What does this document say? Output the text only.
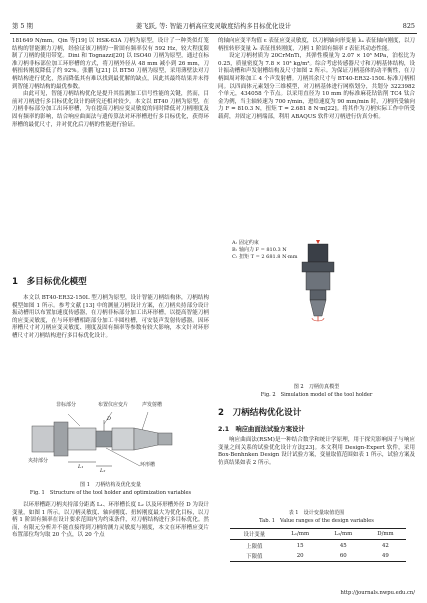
第 5 期	姜飞跃, 等: 智能刀柄高应变灵敏度结构多目标优化设计	825

181649 N/mm。Qin 等[19] 以 HSK-63A 刀柄为原型，设计了一种类似灯笼结构的智能测力刀柄，经验证该刀柄的一阶固有频率仅有 592 Hz，较大程度限制了刀柄的使用带宽。Dini 和 Tognazzi[20] 以 ISO40 刀柄为原型，通过在标准刀柄非标部位加工环形槽的方式，将刀柄外径从 48 mm 减小到 26 mm，刀柄扭转刚度降低了约 92%。张鹏飞[21] 以 BT50 刀柄为原型，采用薄壁法对刀柄结构进行优化，然而降低其有难以找到最优解的缺点，因此其最终结果并未得到智能刀柄结构的最优参数。

由此可见，智能刀柄结构优化是提升其监测加工信号性能的关键，然而，目前对刀柄进行多目标优化设计的研究还相对较少。本文以 BT40 刀柄为原型，在刀柄非标部分加工出环形槽，为在提高刀柄应变灵敏度的同时降低对刀柄刚度及固有频率的影响，结合响应曲面法与遗传算法对环形槽进行多目标优化，获得环形槽的最优尺寸，并对优化后刀柄的性能进行验证。

1　多目标优化模型

本文以 BT40-ER32-150L 型刀柄为原型，设计智能刀柄结构体，刀柄结构模型如图 1 所示。参考文献 [13] 中的测量刀柄设计方案，在刀柄夹持部分设计振动槽用以布置加速度传感器，在刀柄非标部分加工出环形槽，以提高智能刀柄的应变灵敏度，在与环形槽相距部分加工丰圆柱槽，可安装声发射传感器。因环形槽尺寸对刀柄应变灵敏度、刚度及固有频率等参数有较大影响，本文针对环形槽尺寸对刀柄结构进行多目标优化设计。

非标部分	布置仪应变片	声发射槽
D
L₁
L₂
环形槽
夹持部分
图 1　刀柄结构及优化变量
Fig. 1　Structure of the tool holder and optimization variables

以环形槽距刀柄夹持部分距离 L₁、环形槽长度 L₂ 以及环形槽外径 D 为设计变量，如图 1 所示。以刀柄灵敏度、轴向刚度、扭转刚度最大为优化目标，以刀柄 1 阶固有频率在设计要求范围内为约束条件，对刀柄结构进行多目标优化。然而，有限元分析并不能直接得到刀柄的测力灵敏度与刚度，本文在环形槽应变片布置部位均匀取 20 个点，以 20 个点

的轴向应变平均值 ε 表征应变灵敏度，以刀柄轴向形变量 λₐ 表征轴向刚度，以刀柄扭转形变量 λₜ 表征扭转刚度，刀柄 1 阶固有频率 f 表征其动态性能。

设定刀柄材质为 20CrMnTi，其弹性模量为 2.07 × 10⁵ MPa，泊松比为 0.25，质量密度为 7.8 × 10³ kg/m³。综合考虑传感器尺寸和刀柄基体结构，设计振动槽和声发射槽结构及尺寸如图 2 所示。为保证刀柄基体的动平衡性，在刀柄圆周对称加工 4 个声发射槽。刀柄其余尺寸与 BT40-ER32-150L 标准刀柄相同。以四面体元素划分三维模型，对刀柄基体进行网格划分，共划分 3223982 个单元，434058 个节点。以采用直径为 10 mm 的标准麻花钻钻削 TC4 钛合金为例，当主轴转速为 700 r/min，进给速度为 90 mm/min 时，刀柄所受轴向力 F = 810.3 N，扭矩 T = 2.681 8 N·m[22]。将其作为刀柄实际工作中所受载荷，并固定刀柄端部，利用 ABAQUS 软件对刀柄进行仿真分析。

A: 固定约束
B: 轴向力 F = 810.3 N
C: 扭矩 T = 2 681.8 N·mm
图 2　刀柄仿真模型
Fig. 2　Simulation model of the tool holder
2　刀柄结构优化设计
2.1　响应曲面法试验方案设计

响应曲面法(RSM)是一种结合数学和统计学原理，用于探究影响因子与响应变量之间关系的试验优化设计方法[23]。本文利用 Design-Expert 软件，采用 Box-Benhnken Design 设计试验方案，变量取值范围如表 1 所示，试验方案及仿真结果如表 2 所示。

表 1　设计变量取值范围
Tab. 1　Value ranges of the design variables
设计变量	L₁/mm	L₂/mm	D/mm
上限值	15	45	42
下限值	20	60	49
http://journals.nwpu.edu.cn/
